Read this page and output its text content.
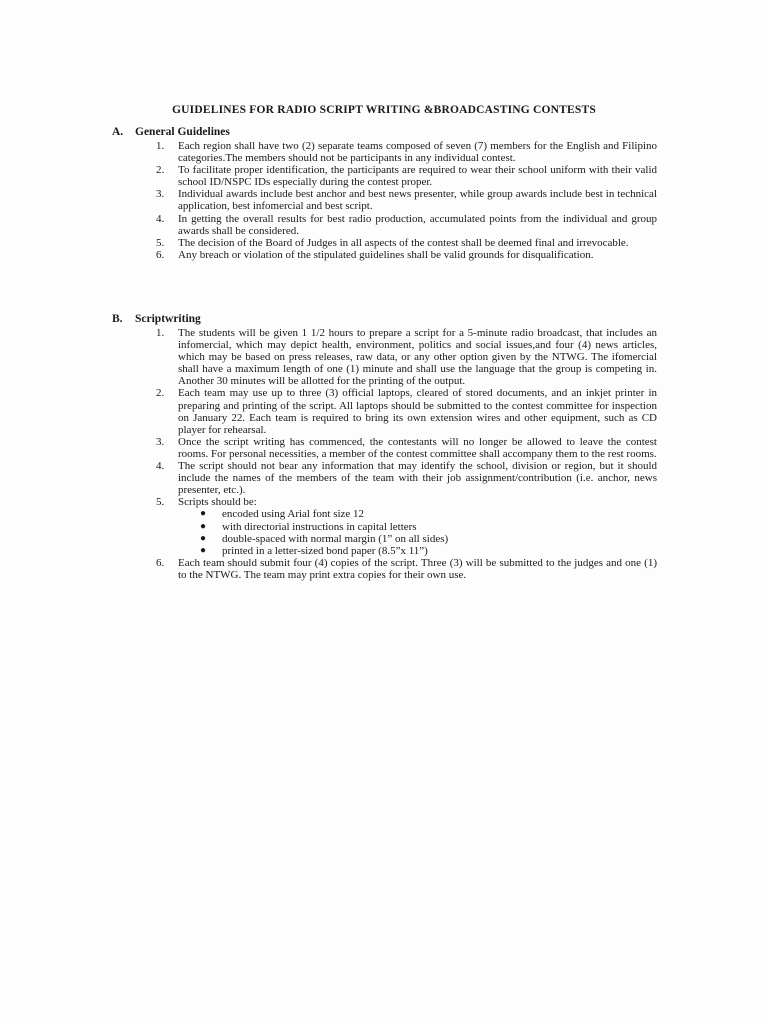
GUIDELINES FOR RADIO SCRIPT WRITING &BROADCASTING CONTESTS
A.	General Guidelines
1.	Each region shall have two (2) separate teams composed of seven (7) members for the English and Filipino categories.The members should not be participants in any individual contest.
2.	To facilitate proper identification, the participants are required to wear their school uniform with their valid school ID/NSPC IDs especially during the contest proper.
3.	Individual awards include best anchor and best news presenter, while group awards include best in technical application, best infomercial and best script.
4.	In getting the overall results for best radio production, accumulated points from the individual and group awards shall be considered.
5.	The decision of the Board of Judges in all aspects of the contest shall be deemed final and irrevocable.
6.	Any breach or violation of the stipulated guidelines shall be valid grounds for disqualification.
B.	Scriptwriting
1.	The students will be given 1 1/2 hours to prepare a script for a 5-minute radio broadcast, that includes an infomercial, which may depict health, environment, politics and social issues,and four (4) news articles, which may be based on press releases, raw data, or any other option given by the NTWG. The ifomercial shall have a maximum length of one (1) minute and shall use the language that the group is competing in. Another 30 minutes will be allotted for the printing of the output.
2.	Each team may use up to three (3) official laptops, cleared of stored documents, and an inkjet printer in preparing and printing of the script. All laptops should be submitted to the contest committee for inspection on January 22. Each team is required to bring its own extension wires and other equipment, such as CD player for rehearsal.
3.	Once the script writing has commenced, the contestants will no longer be allowed to leave the contest rooms. For personal necessities, a member of the contest committee shall accompany them to the rest rooms.
4.	The script should not bear any information that may identify the school, division or region, but it should include the names of the members of the team with their job assignment/contribution (i.e. anchor, news presenter, etc.).
5.	Scripts should be:
●	encoded using Arial font size 12
●	with directorial instructions in capital letters
●	double-spaced with normal margin (1” on all sides)
●	printed in a letter-sized bond paper (8.5”x 11”)
6.	Each team should submit four (4) copies of the script. Three (3) will be submitted to the judges and one (1) to the NTWG. The team may print extra copies for their own use.
